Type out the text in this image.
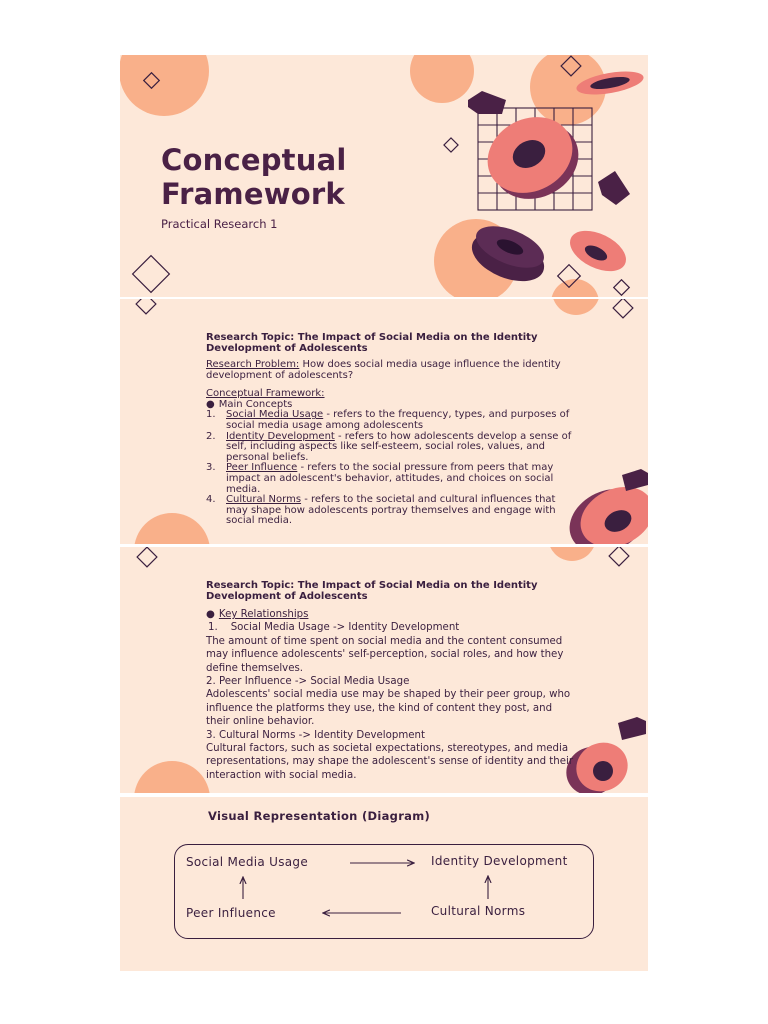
Conceptual
Framework
Practical Research 1

Research Topic: The Impact of Social Media on the Identity Development of Adolescents

Research Problem: How does social media usage influence the identity development of adolescents?
Conceptual Framework:
● Main Concepts
1.	Social Media Usage - refers to the frequency, types, and purposes of social media usage among adolescents
2.	Identity Development - refers to how adolescents develop a sense of self, including aspects like self-esteem, social roles, values, and personal beliefs.
3.	Peer Influence - refers to the social pressure from peers that may impact an adolescent's behavior, attitudes, and choices on social media.
4.	Cultural Norms - refers to the societal and cultural influences that may shape how adolescents portray themselves and engage with social media.

Research Topic: The Impact of Social Media on the Identity Development of Adolescents

● Key Relationships
1. Social Media Usage -> Identity Development
The amount of time spent on social media and the content consumed may influence adolescents' self-perception, social roles, and how they define themselves.
2. Peer Influence -> Social Media Usage
Adolescents' social media use may be shaped by their peer group, who influence the platforms they use, the kind of content they post, and their online behavior.
3. Cultural Norms -> Identity Development
Cultural factors, such as societal expectations, stereotypes, and media representations, may shape the adolescent's sense of identity and their interaction with social media.
Visual Representation (Diagram)
Social Media Usage	Identity Development
Peer Influence	Cultural Norms
